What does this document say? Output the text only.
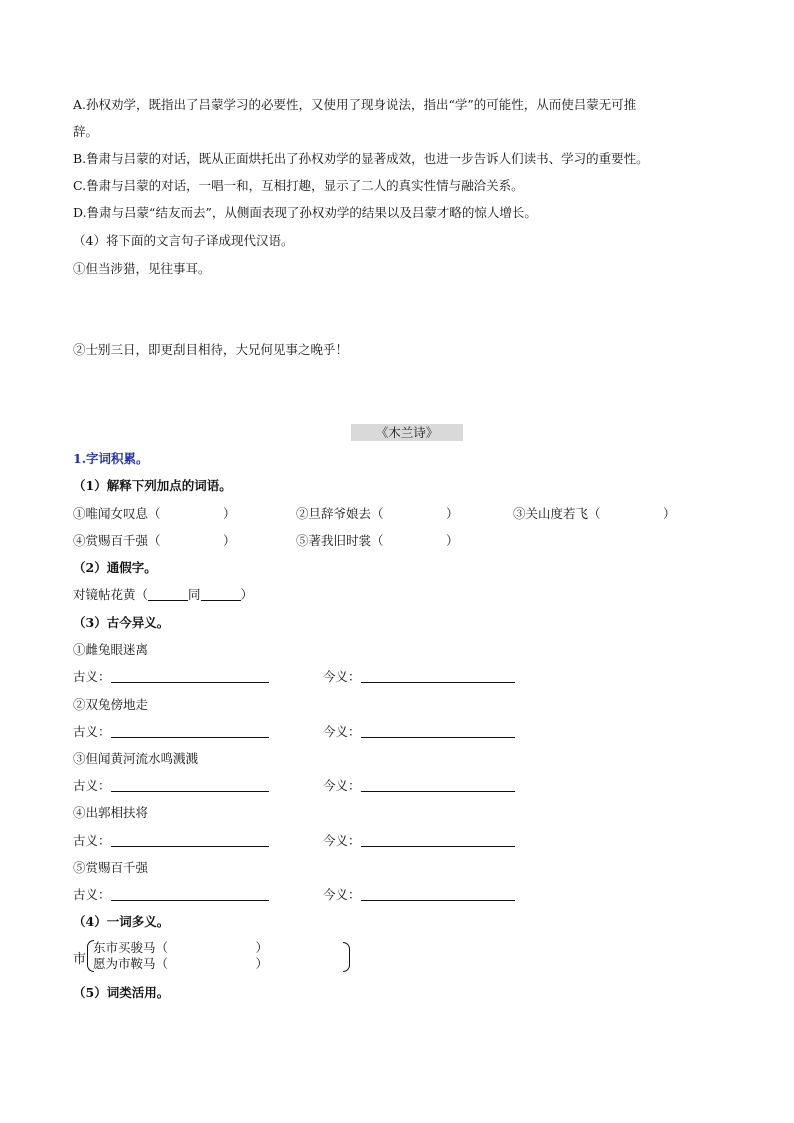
A.孙权劝学，既指出了吕蒙学习的必要性，又使用了现身说法，指出“学”的可能性，从而使吕蒙无可推
辞。
B.鲁肃与吕蒙的对话，既从正面烘托出了孙权劝学的显著成效，也进一步告诉人们读书、学习的重要性。
C.鲁肃与吕蒙的对话，一唱一和，互相打趣，显示了二人的真实性情与融洽关系。
D.鲁肃与吕蒙“结友而去”，从侧面表现了孙权劝学的结果以及吕蒙才略的惊人增长。
（4）将下面的文言句子译成现代汉语。
①但当涉猎，见往事耳。
②士别三日，即更刮目相待，大兄何见事之晚乎！
《木兰诗》
1.字词积累。
（1）解释下列加点的词语。
①唯闻女叹息（　　　　　）	②旦辞爷娘去（　　　　　）	③关山度若飞（　　　　　）
④赏赐百千强（　　　　　）	⑤著我旧时裳（　　　　　）
（2）通假字。
对镜帖花黄（	同	）
（3）古今异义。
①雌兔眼迷离
古义：	今义：
②双兔傍地走
古义：	今义：
③但闻黄河流水鸣溅溅
古义：	今义：
④出郭相扶将
古义：	今义：
⑤赏赐百千强
古义：	今义：
（4）一词多义。
市
东市买骏马（　　　　　　　）
愿为市鞍马（　　　　　　　）
（5）词类活用。
